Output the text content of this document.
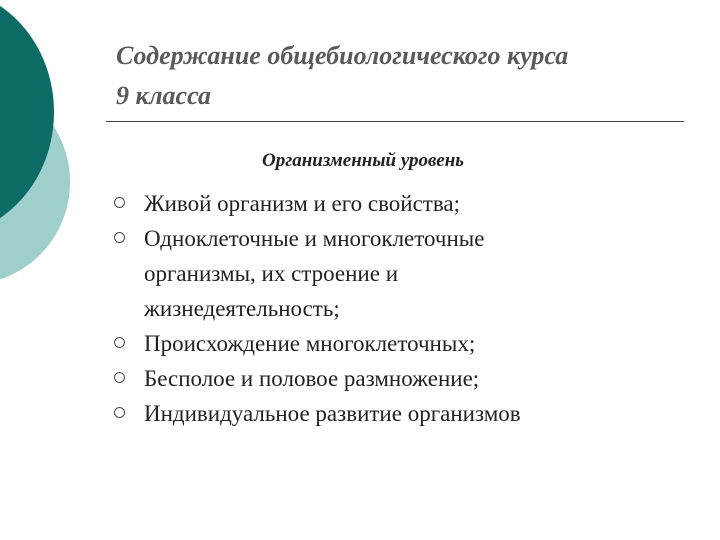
Содержание общебиологического курса
9 класса
Организменный уровень
Живой организм и его свойства;
Одноклеточные и многоклеточные
организмы, их строение и
жизнедеятельность;
Происхождение многоклеточных;
Бесполое и половое размножение;
Индивидуальное развитие организмов
